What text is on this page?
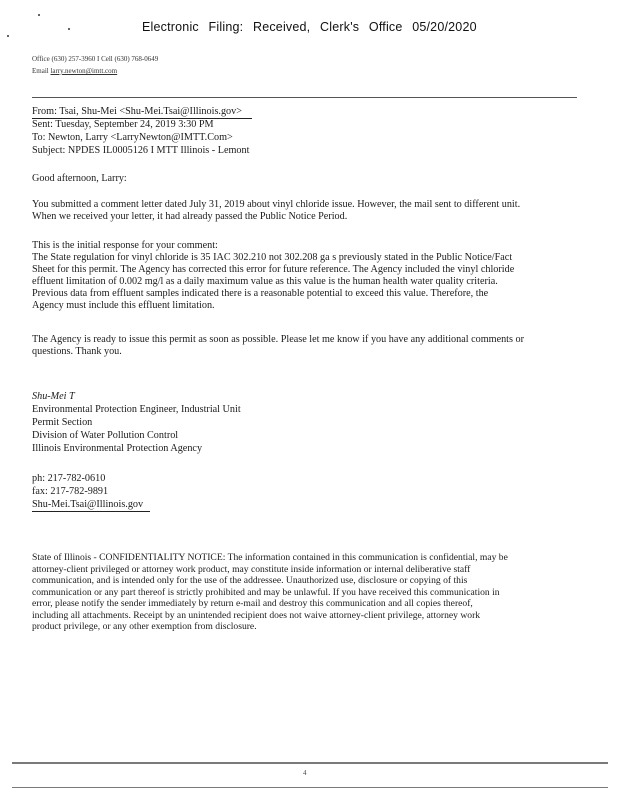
Electronic Filing: Received, Clerk's Office 05/20/2020
Office (630) 257-3960 I Cell (630) 768-0649
Email larry.newton@imtt.com
From: Tsai, Shu-Mei <Shu-Mei.Tsai@Illinois.gov>
Sent: Tuesday, September 24, 2019 3:30 PM
To: Newton, Larry <LarryNewton@IMTT.Com>
Subject: NPDES IL0005126 I MTT Illinois - Lemont
Good afternoon, Larry:
You submitted a comment letter dated July 31, 2019 about vinyl chloride issue. However, the mail sent to different unit.
When we received your letter, it had already passed the Public Notice Period.
This is the initial response for your comment:
The State regulation for vinyl chloride is 35 IAC 302.210 not 302.208 ga s previously stated in the Public Notice/Fact
Sheet for this permit. The Agency has corrected this error for future reference. The Agency included the vinyl chloride
effluent limitation of 0.002 mg/l as a daily maximum value as this value is the human health water quality criteria.
Previous data from effluent samples indicated there is a reasonable potential to exceed this value. Therefore, the
Agency must include this effluent limitation.
The Agency is ready to issue this permit as soon as possible. Please let me know if you have any additional comments or
questions. Thank you.
Shu-Mei T
Environmental Protection Engineer, Industrial Unit
Permit Section
Division of Water Pollution Control
Illinois Environmental Protection Agency
ph: 217-782-0610
fax: 217-782-9891
Shu-Mei.Tsai@Illinois.gov
State of Illinois - CONFIDENTIALITY NOTICE: The information contained in this communication is confidential, may be
attorney-client privileged or attorney work product, may constitute inside information or internal deliberative staff
communication, and is intended only for the use of the addressee. Unauthorized use, disclosure or copying of this
communication or any part thereof is strictly prohibited and may be unlawful. If you have received this communication in
error, please notify the sender immediately by return e-mail and destroy this communication and all copies thereof,
including all attachments. Receipt by an unintended recipient does not waive attorney-client privilege, attorney work
product privilege, or any other exemption from disclosure.
4
